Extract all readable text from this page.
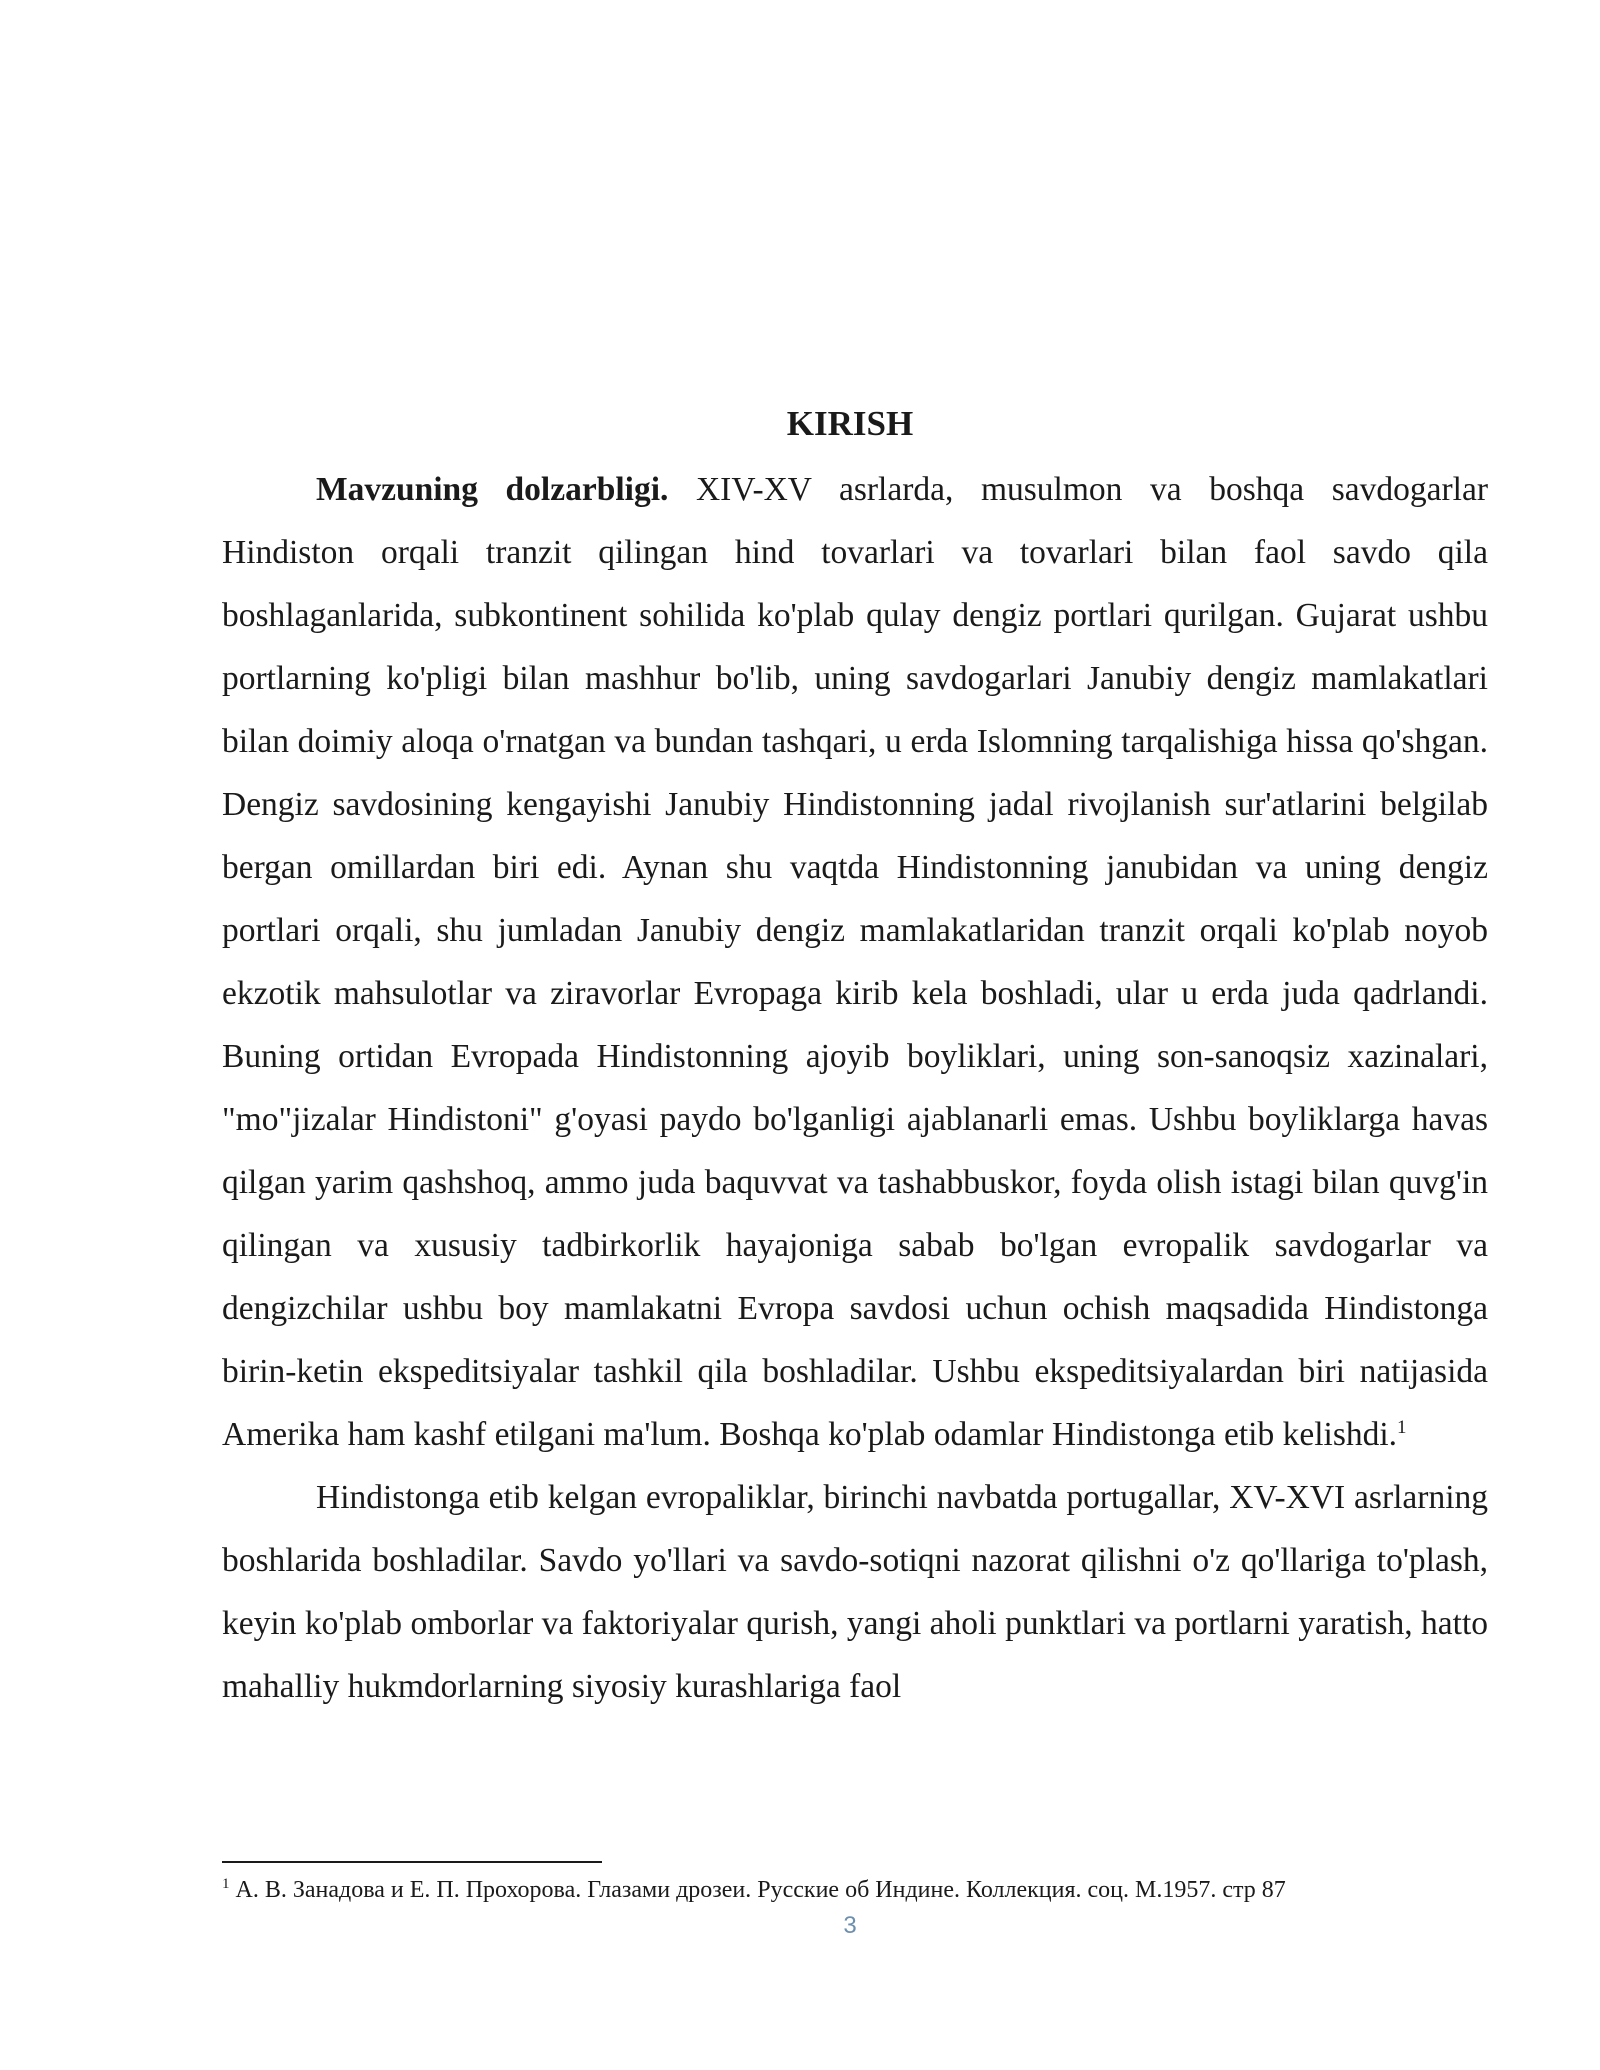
KIRISH

Mavzuning dolzarbligi. XIV-XV asrlarda, musulmon va boshqa savdogarlar Hindiston orqali tranzit qilingan hind tovarlari va tovarlari bilan faol savdo qila boshlaganlarida, subkontinent sohilida ko'plab qulay dengiz portlari qurilgan. Gujarat ushbu portlarning ko'pligi bilan mashhur bo'lib, uning savdogarlari Janubiy dengiz mamlakatlari bilan doimiy aloqa o'rnatgan va bundan tashqari, u erda Islomning tarqalishiga hissa qo'shgan. Dengiz savdosining kengayishi Janubiy Hindistonning jadal rivojlanish sur'atlarini belgilab bergan omillardan biri edi. Aynan shu vaqtda Hindistonning janubidan va uning dengiz portlari orqali, shu jumladan Janubiy dengiz mamlakatlaridan tranzit orqali ko'plab noyob ekzotik mahsulotlar va ziravorlar Evropaga kirib kela boshladi, ular u erda juda qadrlandi. Buning ortidan Evropada Hindistonning ajoyib boyliklari, uning son-sanoqsiz xazinalari, "mo"jizalar Hindistoni" g'oyasi paydo bo'lganligi ajablanarli emas. Ushbu boyliklarga havas qilgan yarim qashshoq, ammo juda baquvvat va tashabbuskor, foyda olish istagi bilan quvg'in qilingan va xususiy tadbirkorlik hayajoniga sabab bo'lgan evropalik savdogarlar va dengizchilar ushbu boy mamlakatni Evropa savdosi uchun ochish maqsadida Hindistonga birin-ketin ekspeditsiyalar tashkil qila boshladilar. Ushbu ekspeditsiyalardan biri natijasida Amerika ham kashf etilgani ma'lum. Boshqa ko'plab odamlar Hindistonga etib kelishdi.$^1$

Hindistonga etib kelgan evropaliklar, birinchi navbatda portugallar, XV-XVI asrlarning boshlarida boshladilar. Savdo yo'llari va savdo-sotiqni nazorat qilishni o'z qo'llariga to'plash, keyin ko'plab omborlar va faktoriyalar qurish, yangi aholi punktlari va portlarni yaratish, hatto mahalliy hukmdorlarning siyosiy kurashlariga faol

$^1$ А. В. Занадова и Е. П. Прохорова. Глазами дрозеи. Русские об Индине. Коллекция. соц. М.1957. стр 87
3
